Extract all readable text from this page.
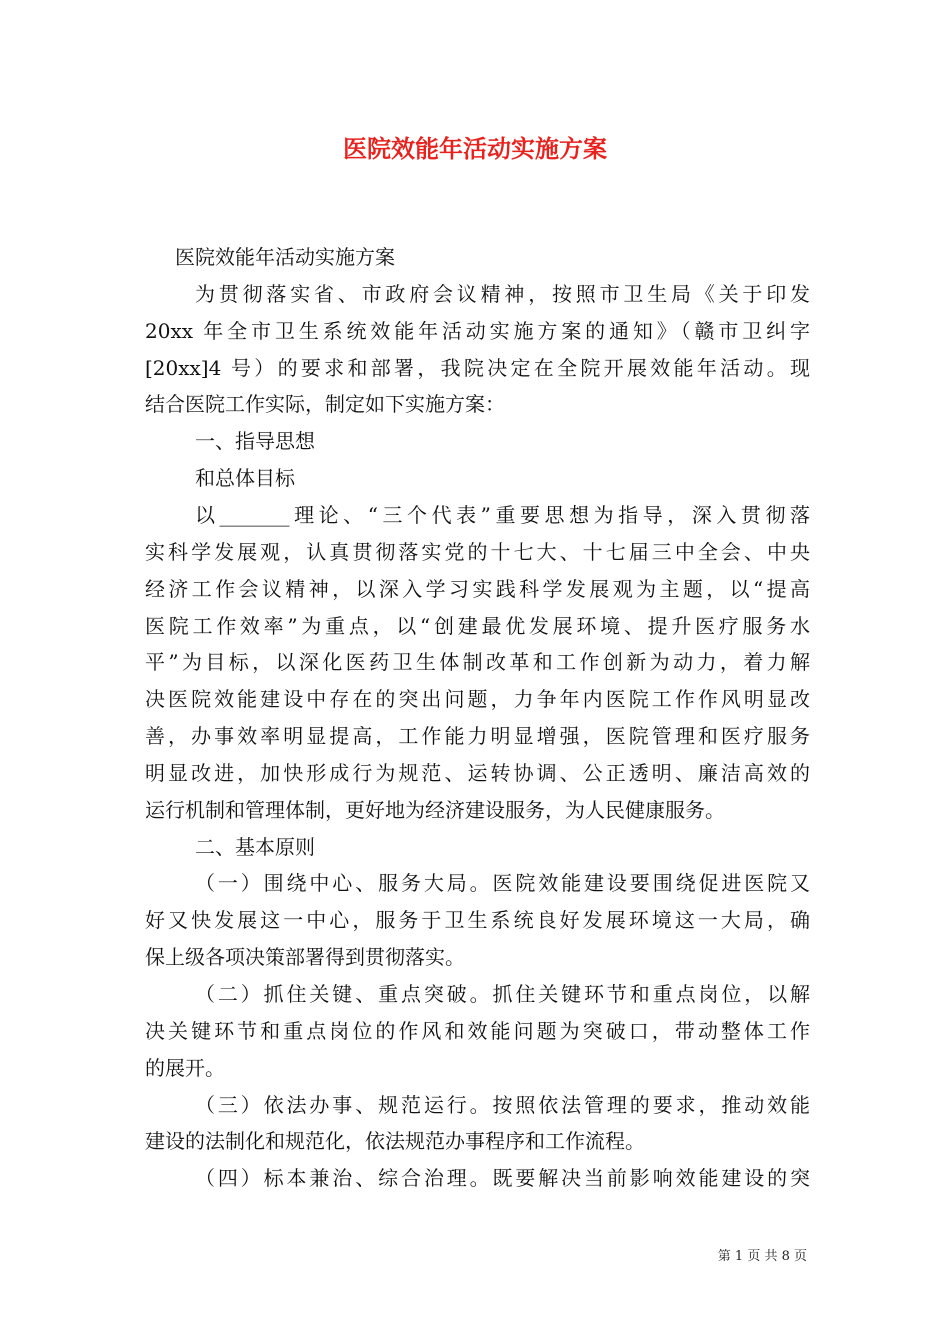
医院效能年活动实施方案
医院效能年活动实施方案
为贯彻落实省、市政府会议精神，按照市卫生局《关于印发
20xx 年全市卫生系统效能年活动实施方案的通知》（赣市卫纠字
[20xx]4 号）的要求和部署，我院决定在全院开展效能年活动。现
结合医院工作实际，制定如下实施方案：
一、指导思想
和总体目标
以_______理论、“三个代表”重要思想为指导，深入贯彻落
实科学发展观，认真贯彻落实党的十七大、十七届三中全会、中央
经济工作会议精神，以深入学习实践科学发展观为主题，以“提高
医院工作效率”为重点，以“创建最优发展环境、提升医疗服务水
平”为目标，以深化医药卫生体制改革和工作创新为动力，着力解
决医院效能建设中存在的突出问题，力争年内医院工作作风明显改
善，办事效率明显提高，工作能力明显增强，医院管理和医疗服务
明显改进，加快形成行为规范、运转协调、公正透明、廉洁高效的
运行机制和管理体制，更好地为经济建设服务，为人民健康服务。
二、基本原则
（一）围绕中心、服务大局。医院效能建设要围绕促进医院又
好又快发展这一中心，服务于卫生系统良好发展环境这一大局，确
保上级各项决策部署得到贯彻落实。
（二）抓住关键、重点突破。抓住关键环节和重点岗位，以解
决关键环节和重点岗位的作风和效能问题为突破口，带动整体工作
的展开。
（三）依法办事、规范运行。按照依法管理的要求，推动效能
建设的法制化和规范化，依法规范办事程序和工作流程。
（四）标本兼治、综合治理。既要解决当前影响效能建设的突
第 1 页 共 8 页
